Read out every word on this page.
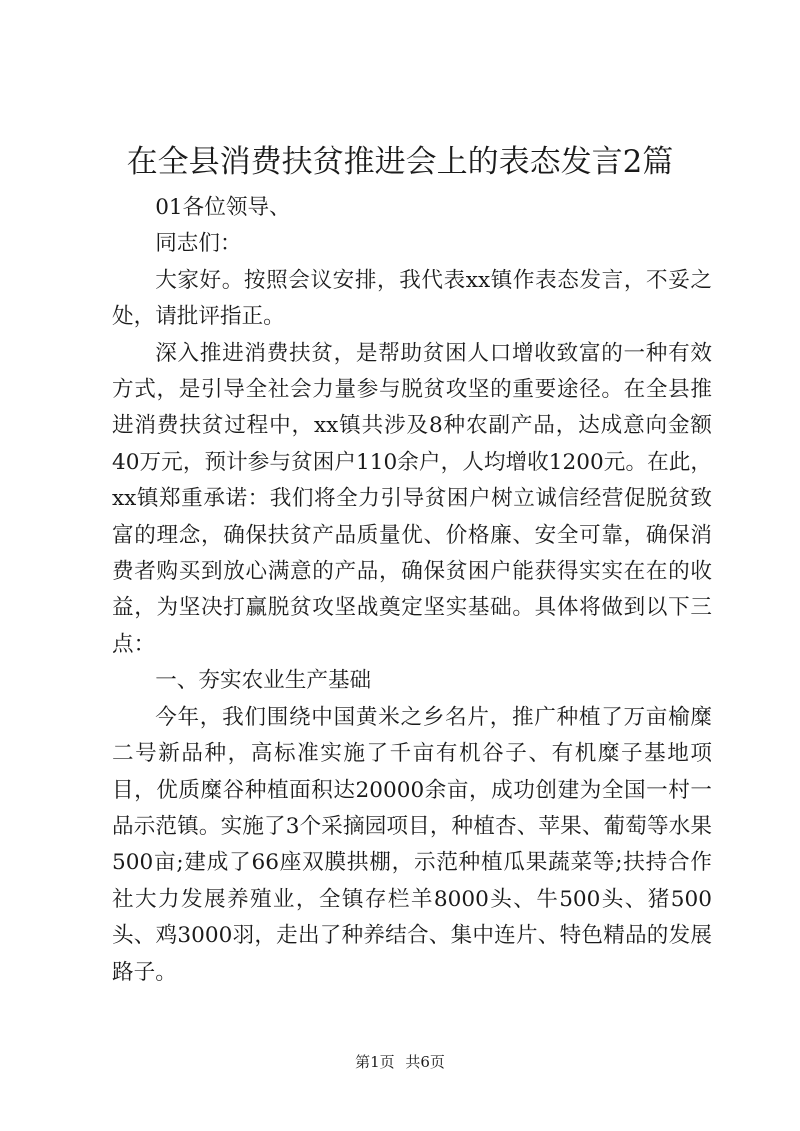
在全县消费扶贫推进会上的表态发言2篇

01各位领导、

同志们：

大家好。按照会议安排，我代表xx镇作表态发言，不妥之处，请批评指正。

深入推进消费扶贫，是帮助贫困人口增收致富的一种有效方式，是引导全社会力量参与脱贫攻坚的重要途径。在全县推进消费扶贫过程中，xx镇共涉及8种农副产品，达成意向金额40万元，预计参与贫困户110余户，人均增收1200元。在此，xx镇郑重承诺：我们将全力引导贫困户树立诚信经营促脱贫致富的理念，确保扶贫产品质量优、价格廉、安全可靠，确保消费者购买到放心满意的产品，确保贫困户能获得实实在在的收益，为坚决打赢脱贫攻坚战奠定坚实基础。具体将做到以下三点：

一、夯实农业生产基础

今年，我们围绕中国黄米之乡名片，推广种植了万亩榆糜二号新品种，高标准实施了千亩有机谷子、有机糜子基地项目，优质糜谷种植面积达20000余亩，成功创建为全国一村一品示范镇。实施了3个采摘园项目，种植杏、苹果、葡萄等水果500亩;建成了66座双膜拱棚，示范种植瓜果蔬菜等;扶持合作社大力发展养殖业，全镇存栏羊8000头、牛500头、猪500头、鸡3000羽，走出了种养结合、集中连片、特色精品的发展路子。

第1页 共6页
